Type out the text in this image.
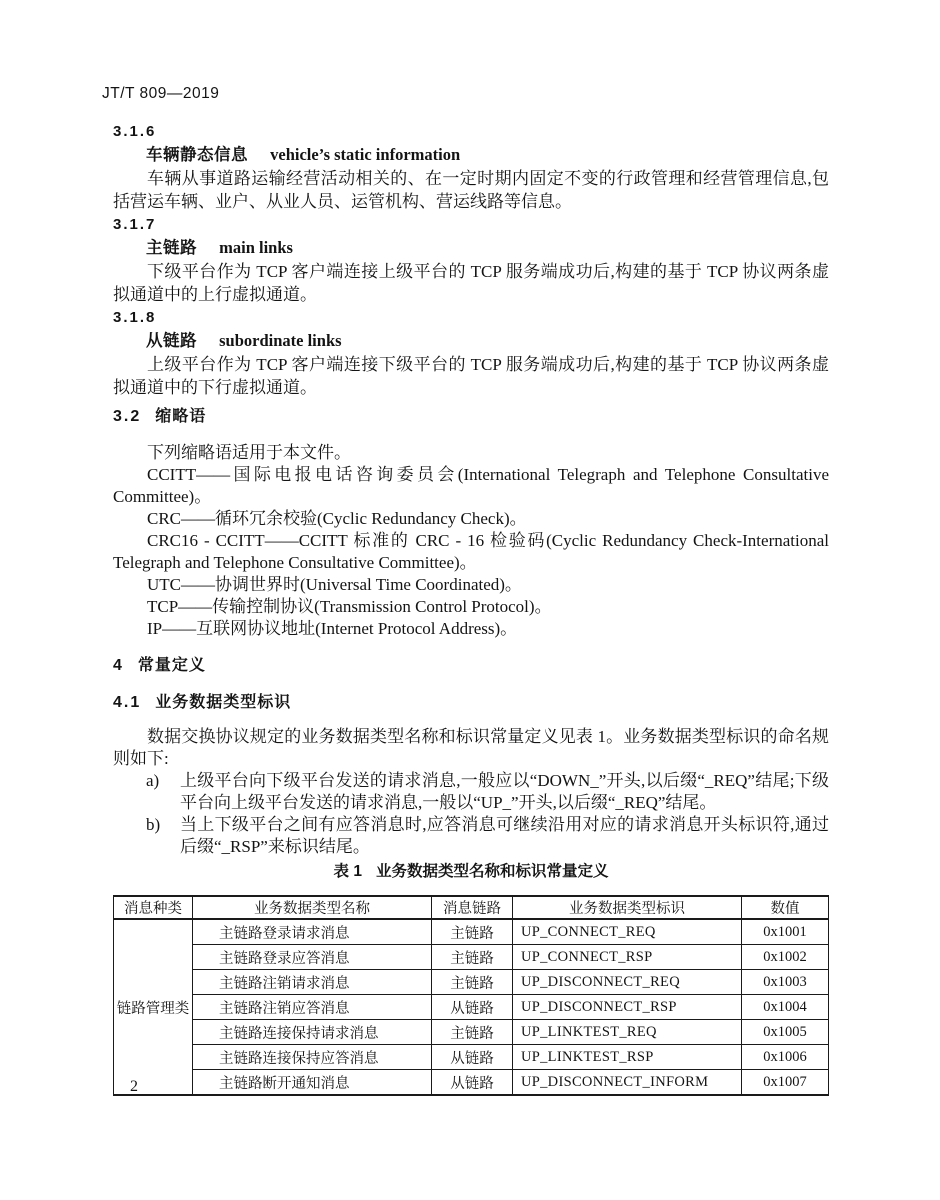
JT/T 809—2019
3.1.6
车辆静态信息 vehicle’s static information

车辆从事道路运输经营活动相关的、在一定时期内固定不变的行政管理和经营管理信息,包括营运车辆、业户、从业人员、运管机构、营运线路等信息。

3.1.7
主链路 main links

下级平台作为 TCP 客户端连接上级平台的 TCP 服务端成功后,构建的基于 TCP 协议两条虚拟通道中的上行虚拟通道。

3.1.8
从链路 subordinate links

上级平台作为 TCP 客户端连接下级平台的 TCP 服务端成功后,构建的基于 TCP 协议两条虚拟通道中的下行虚拟通道。

3.2 缩略语

下列缩略语适用于本文件。

CCITT——国际电报电话咨询委员会(International Telegraph and Telephone Consultative Committee)。

CRC——循环冗余校验(Cyclic Redundancy Check)。

CRC16 - CCITT——CCITT 标准的 CRC - 16 检验码(Cyclic Redundancy Check-International Telegraph and Telephone Consultative Committee)。

UTC——协调世界时(Universal Time Coordinated)。

TCP——传输控制协议(Transmission Control Protocol)。

IP——互联网协议地址(Internet Protocol Address)。

4 常量定义
4.1 业务数据类型标识

数据交换协议规定的业务数据类型名称和标识常量定义见表 1。业务数据类型标识的命名规则如下:

a) 上级平台向下级平台发送的请求消息,一般应以“DOWN_”开头,以后缀“_REQ”结尾;下级平台向上级平台发送的请求消息,一般以“UP_”开头,以后缀“_REQ”结尾。
b) 当上下级平台之间有应答消息时,应答消息可继续沿用对应的请求消息开头标识符,通过后缀“_RSP”来标识结尾。
表 1 业务数据类型名称和标识常量定义
消息种类	业务数据类型名称	消息链路	业务数据类型标识	数值
链路管理类	主链路登录请求消息	主链路	UP_CONNECT_REQ	0x1001
	主链路登录应答消息	主链路	UP_CONNECT_RSP	0x1002
	主链路注销请求消息	主链路	UP_DISCONNECT_REQ	0x1003
	主链路注销应答消息	从链路	UP_DISCONNECT_RSP	0x1004
	主链路连接保持请求消息	主链路	UP_LINKTEST_REQ	0x1005
	主链路连接保持应答消息	从链路	UP_LINKTEST_RSP	0x1006
	主链路断开通知消息	从链路	UP_DISCONNECT_INFORM	0x1007
2
